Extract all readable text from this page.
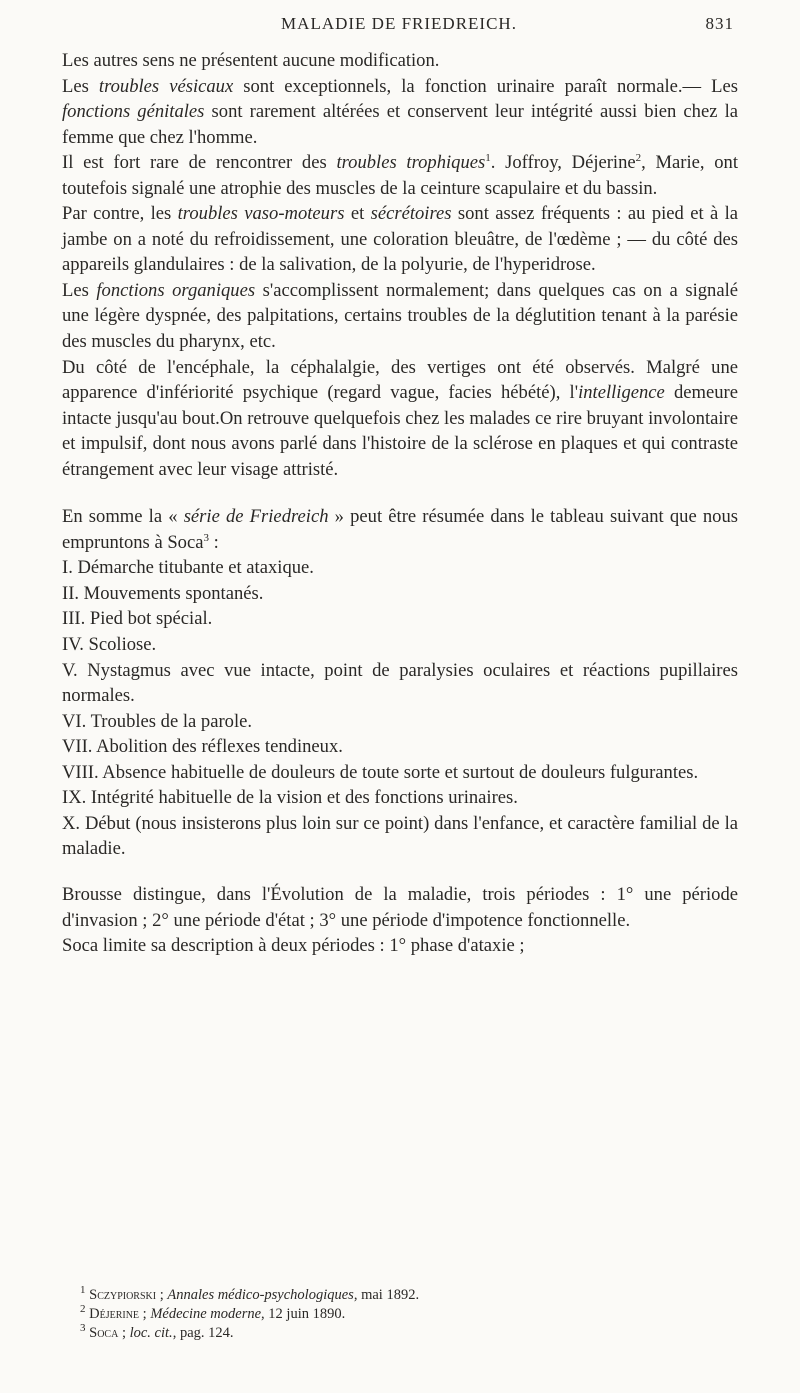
MALADIE DE FRIEDREICH.	831

Les autres sens ne présentent aucune modification.

Les troubles vésicaux sont exceptionnels, la fonction urinaire paraît normale.— Les fonctions génitales sont rarement altérées et conservent leur intégrité aussi bien chez la femme que chez l'homme.

Il est fort rare de rencontrer des troubles trophiques$^1$. Joffroy, Déjerine$^2$, Marie, ont toutefois signalé une atrophie des muscles de la ceinture scapulaire et du bassin.

Par contre, les troubles vaso-moteurs et sécrétoires sont assez fréquents : au pied et à la jambe on a noté du refroidissement, une coloration bleuâtre, de l'œdème ; — du côté des appareils glandulaires : de la salivation, de la polyurie, de l'hyperidrose.

Les fonctions organiques s'accomplissent normalement; dans quelques cas on a signalé une légère dyspnée, des palpitations, certains troubles de la déglutition tenant à la parésie des muscles du pharynx, etc.

Du côté de l'encéphale, la céphalalgie, des vertiges ont été observés. Malgré une apparence d'infériorité psychique (regard vague, facies hébété), l'intelligence demeure intacte jusqu'au bout.On retrouve quelquefois chez les malades ce rire bruyant involontaire et impulsif, dont nous avons parlé dans l'histoire de la sclérose en plaques et qui contraste étrangement avec leur visage attristé.

En somme la « série de Friedreich » peut être résumée dans le tableau suivant que nous empruntons à Soca$^3$ :

I. Démarche titubante et ataxique.

II. Mouvements spontanés.

III. Pied bot spécial.

IV. Scoliose.

V. Nystagmus avec vue intacte, point de paralysies oculaires et réactions pupillaires normales.

VI. Troubles de la parole.

VII. Abolition des réflexes tendineux.

VIII. Absence habituelle de douleurs de toute sorte et surtout de douleurs fulgurantes.

IX. Intégrité habituelle de la vision et des fonctions urinaires.

X. Début (nous insisterons plus loin sur ce point) dans l'enfance, et caractère familial de la maladie.

Brousse distingue, dans l'Évolution de la maladie, trois périodes : 1° une période d'invasion ; 2° une période d'état ; 3° une période d'impotence fonctionnelle.

Soca limite sa description à deux périodes : 1° phase d'ataxie ;

$^1$ Sczypiorski ; Annales médico-psychologiques, mai 1892.

$^2$ Déjerine ; Médecine moderne, 12 juin 1890.

$^3$ Soca ; loc. cit., pag. 124.
